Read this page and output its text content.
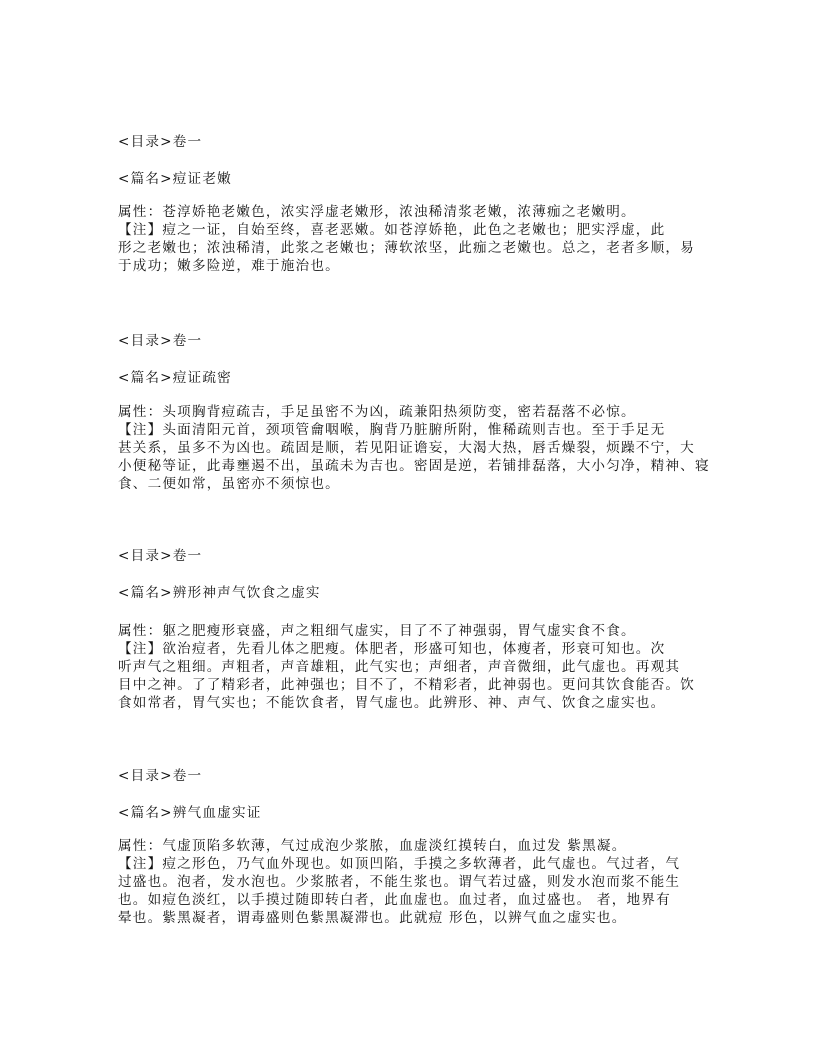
<目录>卷一
<篇名>痘证老嫩
属性：苍淳娇艳老嫩色，浓实浮虚老嫩形，浓浊稀清浆老嫩，浓薄痂之老嫩明。
【注】痘之一证，自始至终，喜老恶嫩。如苍淳娇艳，此色之老嫩也；肥实浮虚，此
形之老嫩也；浓浊稀清，此浆之老嫩也；薄软浓坚，此痂之老嫩也。总之，老者多顺，易
于成功；嫩多险逆，难于施治也。
<目录>卷一
<篇名>痘证疏密
属性：头项胸背痘疏吉，手足虽密不为凶，疏兼阳热须防变，密若磊落不必惊。
【注】头面清阳元首，颈项管龠咽喉，胸背乃脏腑所附，惟稀疏则吉也。至于手足无
甚关系，虽多不为凶也。疏固是顺，若见阳证谵妄，大渴大热，唇舌燥裂，烦躁不宁，大
小便秘等证，此毒壅遏不出，虽疏未为吉也。密固是逆，若铺排磊落，大小匀净，精神、寝
食、二便如常，虽密亦不须惊也。
<目录>卷一
<篇名>辨形神声气饮食之虚实
属性：躯之肥瘦形衰盛，声之粗细气虚实，目了不了神强弱，胃气虚实食不食。
【注】欲治痘者，先看儿体之肥瘦。体肥者，形盛可知也，体瘦者，形衰可知也。次
听声气之粗细。声粗者，声音雄粗，此气实也；声细者，声音微细，此气虚也。再观其
目中之神。了了精彩者，此神强也；目不了，不精彩者，此神弱也。更问其饮食能否。饮
食如常者，胃气实也；不能饮食者，胃气虚也。此辨形、神、声气、饮食之虚实也。
<目录>卷一
<篇名>辨气血虚实证
属性：气虚顶陷多软薄，气过成泡少浆脓，血虚淡红摸转白，血过发 紫黑凝。
【注】痘之形色，乃气血外现也。如顶凹陷，手摸之多软薄者，此气虚也。气过者，气
过盛也。泡者，发水泡也。少浆脓者，不能生浆也。谓气若过盛，则发水泡而浆不能生
也。如痘色淡红，以手摸过随即转白者，此血虚也。血过者，血过盛也。 者，地界有
晕也。紫黑凝者，谓毒盛则色紫黑凝滞也。此就痘 形色，以辨气血之虚实也。
